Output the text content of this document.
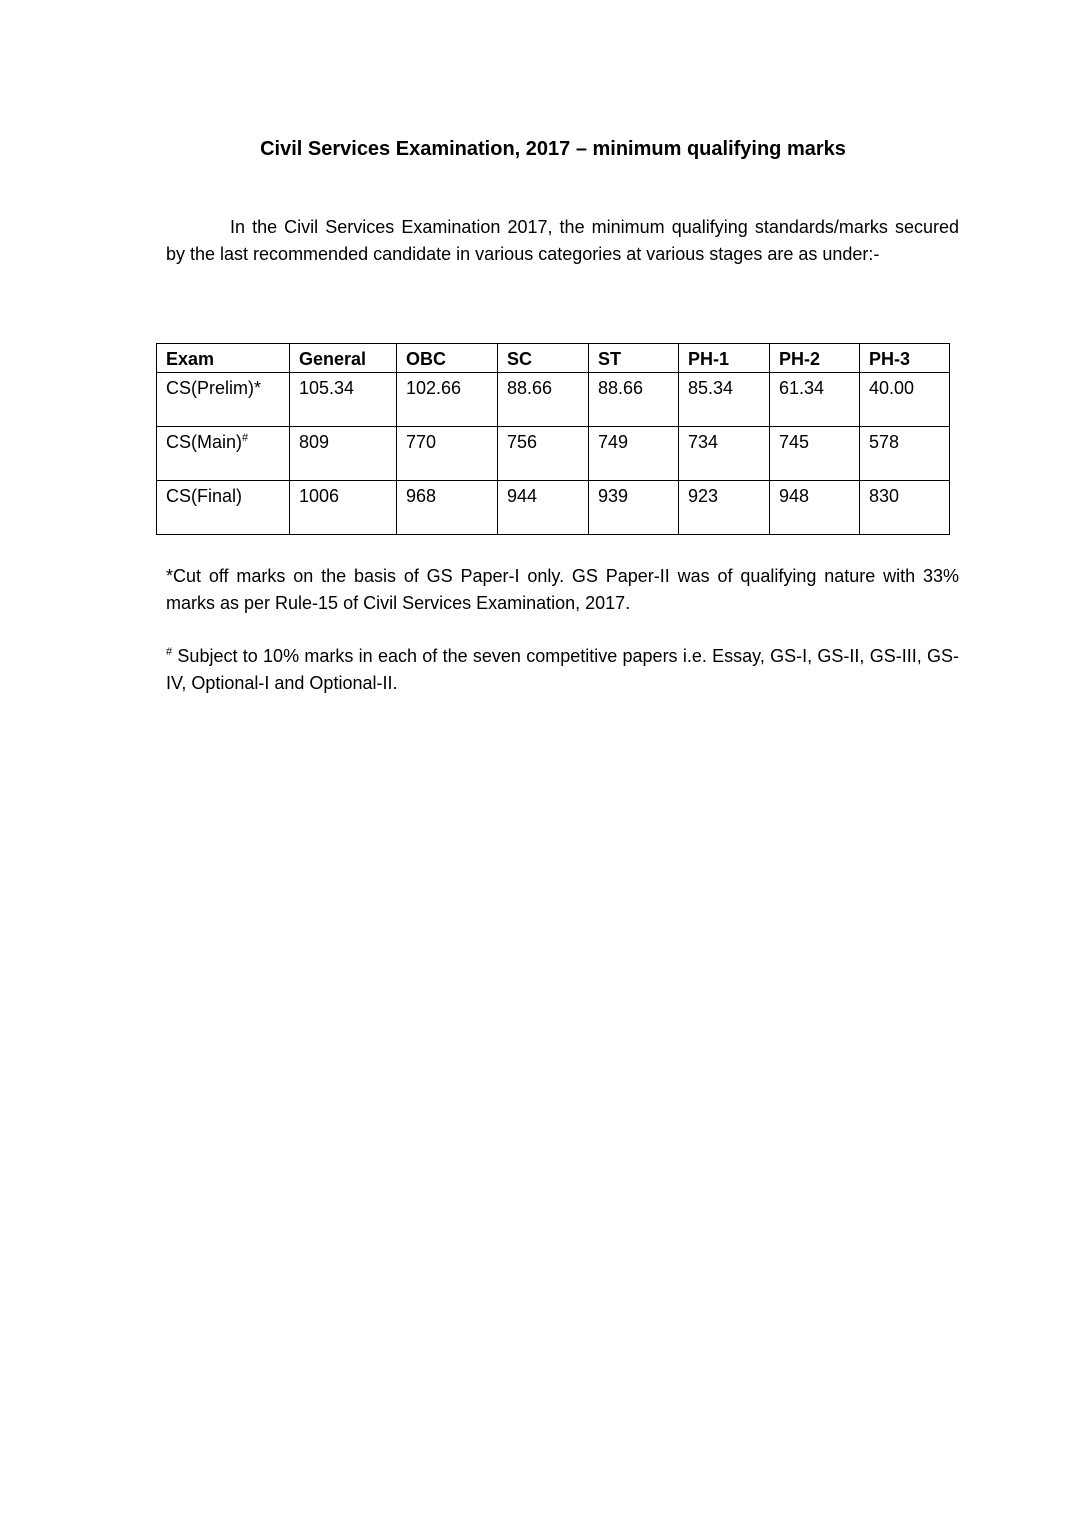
Civil Services Examination, 2017 – minimum qualifying marks

In the Civil Services Examination 2017, the minimum qualifying standards/marks secured by the last recommended candidate in various categories at various stages are as under:-

Exam	General	OBC	SC	ST	PH-1	PH-2	PH-3
CS(Prelim)*	105.34	102.66	88.66	88.66	85.34	61.34	40.00
CS(Main)#	809	770	756	749	734	745	578
CS(Final)	1006	968	944	939	923	948	830

*Cut off marks on the basis of GS Paper-I only. GS Paper-II was of qualifying nature with 33% marks as per Rule-15 of Civil Services Examination, 2017.

# Subject to 10% marks in each of the seven competitive papers i.e. Essay, GS-I, GS-II, GS-III, GS-IV, Optional-I and Optional-II.
